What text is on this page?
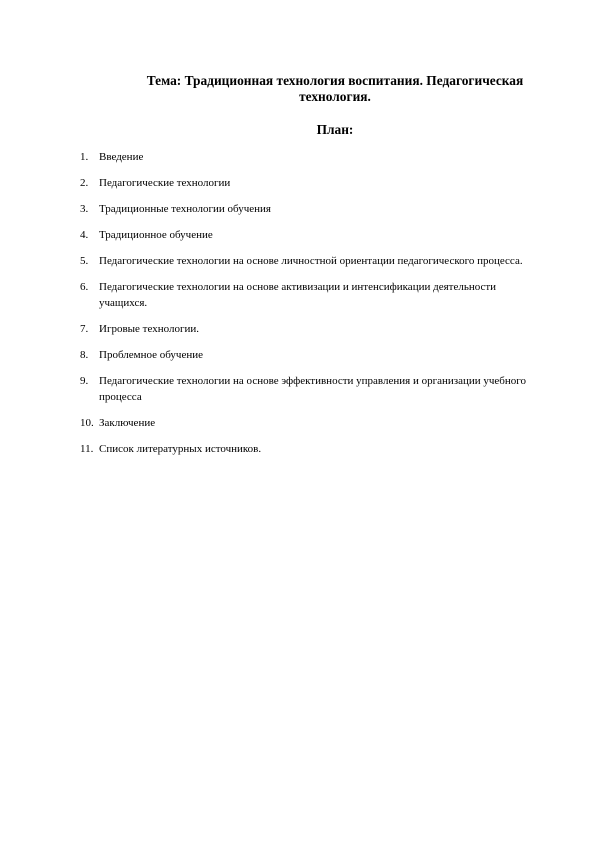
Тема: Традиционная технология воспитания. Педагогическая технология.
План:
1. Введение
2. Педагогические технологии
3. Традиционные технологии обучения
4. Традиционное обучение
5. Педагогические технологии на основе личностной ориентации педагогического процесса.
6. Педагогические технологии на основе активизации и интенсификации деятельности учащихся.
7. Игровые технологии.
8. Проблемное обучение
9. Педагогические технологии на основе эффективности управления и организации учебного процесса
10. Заключение
11. Список литературных источников.
